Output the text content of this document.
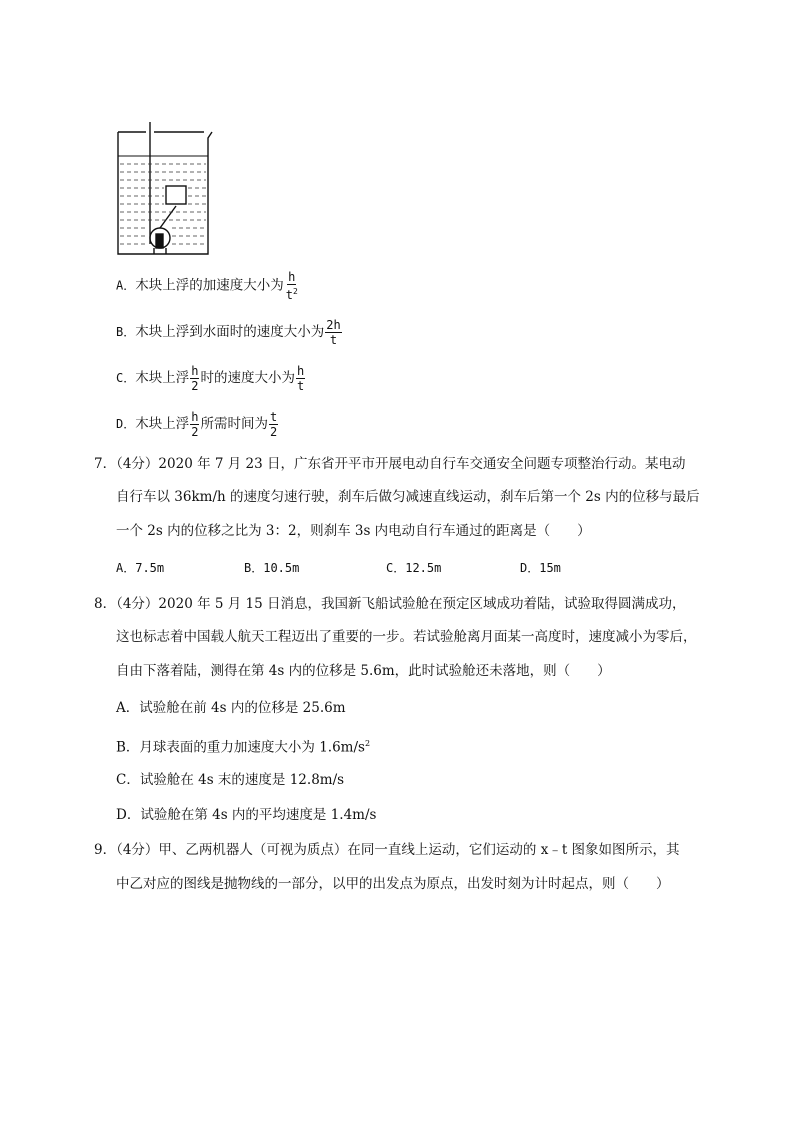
A．木块上浮的加速度大小为 $\frac{h}{t^2}$
B．木块上浮到水面时的速度大小为 $\frac{2h}{t}$
C．木块上浮 $\frac{h}{2}$ 时的速度大小为 $\frac{h}{t}$
D．木块上浮 $\frac{h}{2}$ 所需时间为 $\frac{t}{2}$
7．（4分）2020 年 7 月 23 日，广东省开平市开展电动自行车交通安全问题专项整治行动。某电动
自行车以 36km/h 的速度匀速行驶，刹车后做匀减速直线运动，刹车后第一个 2s 内的位移与最后
一个 2s 内的位移之比为 3：2，则刹车 3s 内电动自行车通过的距离是（　　）
A．7.5m	B．10.5m	C．12.5m	D．15m
8．（4分）2020 年 5 月 15 日消息，我国新飞船试验舱在预定区域成功着陆，试验取得圆满成功，
这也标志着中国载人航天工程迈出了重要的一步。若试验舱离月面某一高度时，速度减小为零后，
自由下落着陆，测得在第 4s 内的位移是 5.6m，此时试验舱还未落地，则（　　）
A．试验舱在前 4s 内的位移是 25.6m
B．月球表面的重力加速度大小为 $1.6m/s^2$
C．试验舱在 4s 末的速度是 12.8m/s
D．试验舱在第 4s 内的平均速度是 1.4m/s
9．（4分）甲、乙两机器人（可视为质点）在同一直线上运动，它们运动的 x﹣t 图象如图所示，其
中乙对应的图线是抛物线的一部分，以甲的出发点为原点，出发时刻为计时起点，则（　　）
